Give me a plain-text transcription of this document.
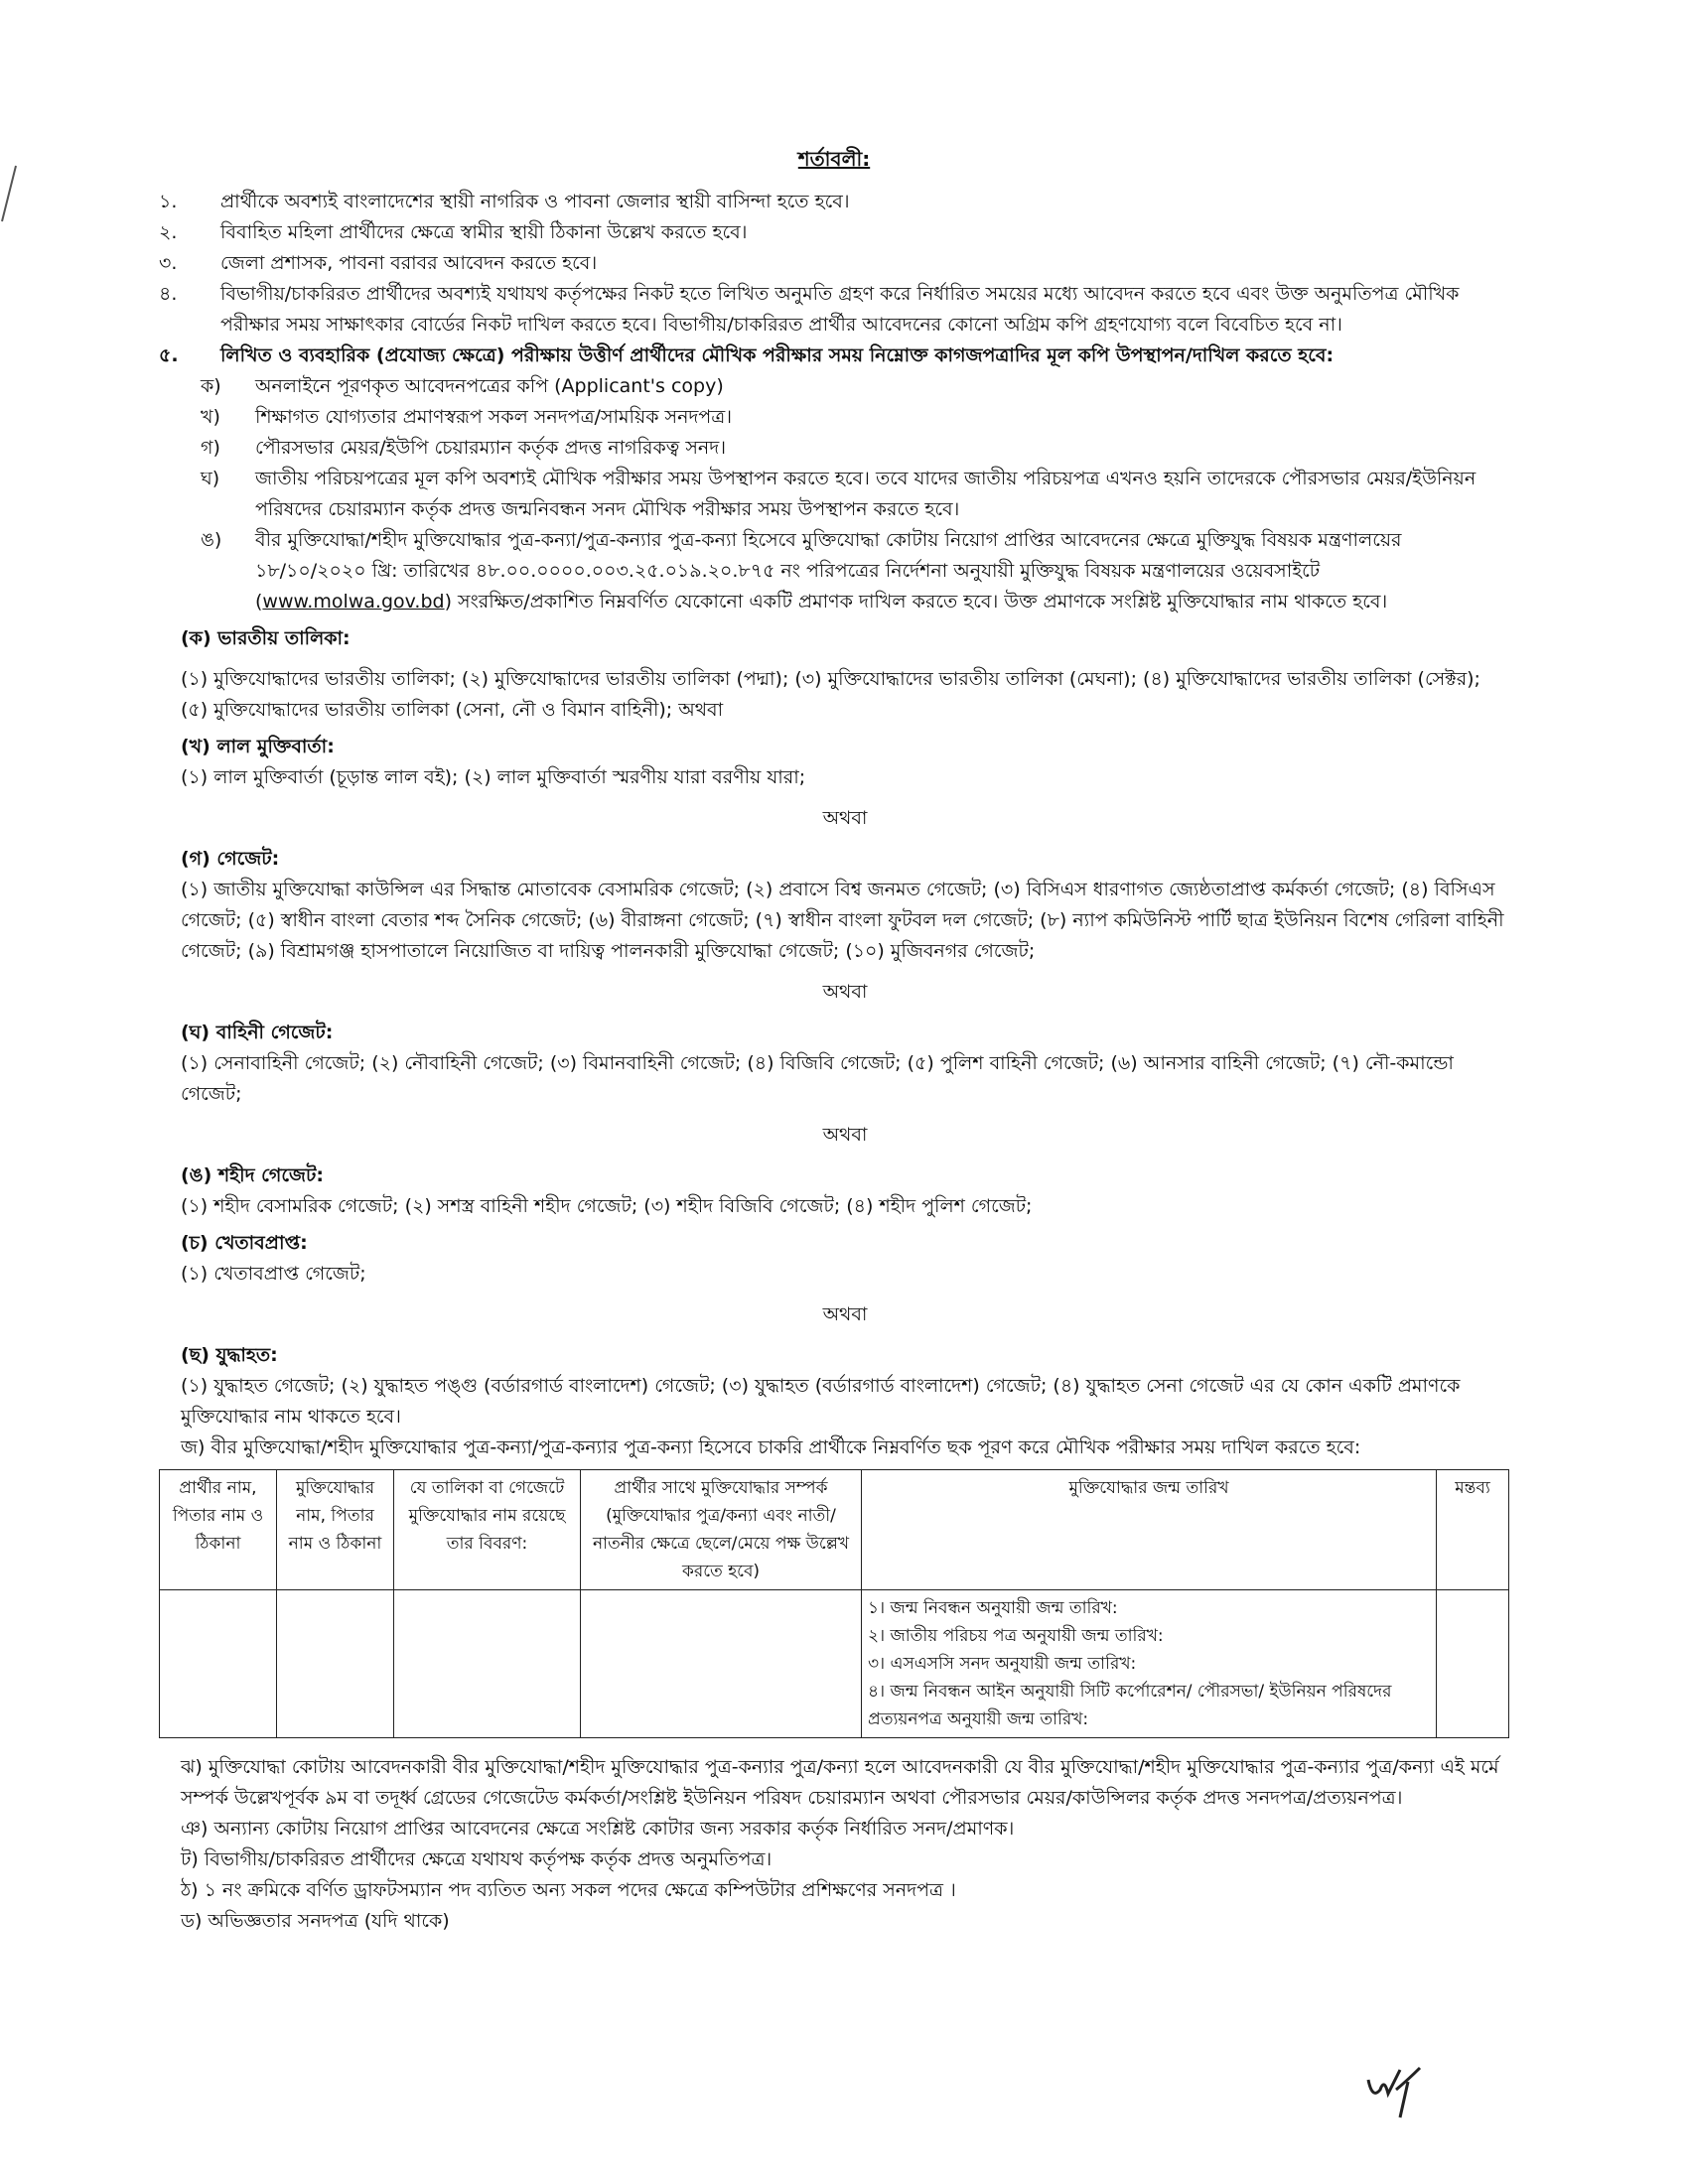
শর্তাবলী:
১.	প্রার্থীকে অবশ্যই বাংলাদেশের স্থায়ী নাগরিক ও পাবনা জেলার স্থায়ী বাসিন্দা হতে হবে।
২.	বিবাহিত মহিলা প্রার্থীদের ক্ষেত্রে স্বামীর স্থায়ী ঠিকানা উল্লেখ করতে হবে।
৩.	জেলা প্রশাসক, পাবনা বরাবর আবেদন করতে হবে।
৪.	বিভাগীয়/চাকরিরত প্রার্থীদের অবশ্যই যথাযথ কর্তৃপক্ষের নিকট হতে লিখিত অনুমতি গ্রহণ করে নির্ধারিত সময়ের মধ্যে আবেদন করতে হবে এবং উক্ত অনুমতিপত্র মৌখিক পরীক্ষার সময় সাক্ষাৎকার বোর্ডের নিকট দাখিল করতে হবে। বিভাগীয়/চাকরিরত প্রার্থীর আবেদনের কোনো অগ্রিম কপি গ্রহণযোগ্য বলে বিবেচিত হবে না।
৫.	লিখিত ও ব্যবহারিক (প্রযোজ্য ক্ষেত্রে) পরীক্ষায় উত্তীর্ণ প্রার্থীদের মৌখিক পরীক্ষার সময় নিম্নোক্ত কাগজপত্রাদির মূল কপি উপস্থাপন/দাখিল করতে হবে:
ক)	অনলাইনে পূরণকৃত আবেদনপত্রের কপি (Applicant's copy)
খ)	শিক্ষাগত যোগ্যতার প্রমাণস্বরূপ সকল সনদপত্র/সাময়িক সনদপত্র।
গ)	পৌরসভার মেয়র/ইউপি চেয়ারম্যান কর্তৃক প্রদত্ত নাগরিকত্ব সনদ।
ঘ)	জাতীয় পরিচয়পত্রের মূল কপি অবশ্যই মৌখিক পরীক্ষার সময় উপস্থাপন করতে হবে। তবে যাদের জাতীয় পরিচয়পত্র এখনও হয়নি তাদেরকে পৌরসভার মেয়র/ইউনিয়ন পরিষদের চেয়ারম্যান কর্তৃক প্রদত্ত জন্মনিবন্ধন সনদ মৌখিক পরীক্ষার সময় উপস্থাপন করতে হবে।
ঙ)	বীর মুক্তিযোদ্ধা/শহীদ মুক্তিযোদ্ধার পুত্র-কন্যা/পুত্র-কন্যার পুত্র-কন্যা হিসেবে মুক্তিযোদ্ধা কোটায় নিয়োগ প্রাপ্তির আবেদনের ক্ষেত্রে মুক্তিযুদ্ধ বিষয়ক মন্ত্রণালয়ের ১৮/১০/২০২০ খ্রি: তারিখের ৪৮.০০.০০০০.০০৩.২৫.০১৯.২০.৮৭৫ নং পরিপত্রের নির্দেশনা অনুযায়ী মুক্তিযুদ্ধ বিষয়ক মন্ত্রণালয়ের ওয়েবসাইটে (www.molwa.gov.bd) সংরক্ষিত/প্রকাশিত নিম্নবর্ণিত যেকোনো একটি প্রমাণক দাখিল করতে হবে। উক্ত প্রমাণকে সংশ্লিষ্ট মুক্তিযোদ্ধার নাম থাকতে হবে।
(ক) ভারতীয় তালিকা:
(১) মুক্তিযোদ্ধাদের ভারতীয় তালিকা; (২) মুক্তিযোদ্ধাদের ভারতীয় তালিকা (পদ্মা); (৩) মুক্তিযোদ্ধাদের ভারতীয় তালিকা (মেঘনা); (৪) মুক্তিযোদ্ধাদের ভারতীয় তালিকা (সেক্টর); (৫) মুক্তিযোদ্ধাদের ভারতীয় তালিকা (সেনা, নৌ ও বিমান বাহিনী); অথবা
(খ) লাল মুক্তিবার্তা:
(১) লাল মুক্তিবার্তা (চূড়ান্ত লাল বই); (২) লাল মুক্তিবার্তা স্মরণীয় যারা বরণীয় যারা;
অথবা
(গ) গেজেট:
(১) জাতীয় মুক্তিযোদ্ধা কাউন্সিল এর সিদ্ধান্ত মোতাবেক বেসামরিক গেজেট; (২) প্রবাসে বিশ্ব জনমত গেজেট; (৩) বিসিএস ধারণাগত জ্যেষ্ঠতাপ্রাপ্ত কর্মকর্তা গেজেট; (৪) বিসিএস গেজেট; (৫) স্বাধীন বাংলা বেতার শব্দ সৈনিক গেজেট; (৬) বীরাঙ্গনা গেজেট; (৭) স্বাধীন বাংলা ফুটবল দল গেজেট; (৮) ন্যাপ কমিউনিস্ট পার্টি ছাত্র ইউনিয়ন বিশেষ গেরিলা বাহিনী গেজেট; (৯) বিশ্রামগঞ্জ হাসপাতালে নিয়োজিত বা দায়িত্ব পালনকারী মুক্তিযোদ্ধা গেজেট; (১০) মুজিবনগর গেজেট;
অথবা
(ঘ) বাহিনী গেজেট:
(১) সেনাবাহিনী গেজেট; (২) নৌবাহিনী গেজেট; (৩) বিমানবাহিনী গেজেট; (৪) বিজিবি গেজেট; (৫) পুলিশ বাহিনী গেজেট; (৬) আনসার বাহিনী গেজেট; (৭) নৌ-কমান্ডো গেজেট;
অথবা
(ঙ) শহীদ গেজেট:
(১) শহীদ বেসামরিক গেজেট; (২) সশস্ত্র বাহিনী শহীদ গেজেট; (৩) শহীদ বিজিবি গেজেট; (৪) শহীদ পুলিশ গেজেট;
(চ) খেতাবপ্রাপ্ত:
(১) খেতাবপ্রাপ্ত গেজেট;
অথবা
(ছ) যুদ্ধাহত:
(১) যুদ্ধাহত গেজেট; (২) যুদ্ধাহত পঙ্গু (বর্ডারগার্ড বাংলাদেশ) গেজেট; (৩) যুদ্ধাহত (বর্ডারগার্ড বাংলাদেশ) গেজেট; (৪) যুদ্ধাহত সেনা গেজেট এর যে কোন একটি প্রমাণকে মুক্তিযোদ্ধার নাম থাকতে হবে।
জ) বীর মুক্তিযোদ্ধা/শহীদ মুক্তিযোদ্ধার পুত্র-কন্যা/পুত্র-কন্যার পুত্র-কন্যা হিসেবে চাকরি প্রার্থীকে নিম্নবর্ণিত ছক পূরণ করে মৌখিক পরীক্ষার সময় দাখিল করতে হবে:
প্রার্থীর নাম, পিতার নাম ও ঠিকানা	মুক্তিযোদ্ধার নাম, পিতার নাম ও ঠিকানা	যে তালিকা বা গেজেটে মুক্তিযোদ্ধার নাম রয়েছে তার বিবরণ:	প্রার্থীর সাথে মুক্তিযোদ্ধার সম্পর্ক (মুক্তিযোদ্ধার পুত্র/কন্যা এবং নাতী/নাতনীর ক্ষেত্রে ছেলে/মেয়ে পক্ষ উল্লেখ করতে হবে)	মুক্তিযোদ্ধার জন্ম তারিখ	মন্তব্য

				১। জন্ম নিবন্ধন অনুযায়ী জন্ম তারিখ:
২। জাতীয় পরিচয় পত্র অনুযায়ী জন্ম তারিখ:
৩। এসএসসি সনদ অনুযায়ী জন্ম তারিখ:
৪। জন্ম নিবন্ধন আইন অনুযায়ী সিটি কর্পোরেশন/ পৌরসভা/ ইউনিয়ন পরিষদের প্রত্যয়নপত্র অনুযায়ী জন্ম তারিখ:	

ঝ) মুক্তিযোদ্ধা কোটায় আবেদনকারী বীর মুক্তিযোদ্ধা/শহীদ মুক্তিযোদ্ধার পুত্র-কন্যার পুত্র/কন্যা হলে আবেদনকারী যে বীর মুক্তিযোদ্ধা/শহীদ মুক্তিযোদ্ধার পুত্র-কন্যার পুত্র/কন্যা এই মর্মে সম্পর্ক উল্লেখপূর্বক ৯ম বা তদূর্ধ্ব গ্রেডের গেজেটেড কর্মকর্তা/সংশ্লিষ্ট ইউনিয়ন পরিষদ চেয়ারম্যান অথবা পৌরসভার মেয়র/কাউন্সিলর কর্তৃক প্রদত্ত সনদপত্র/প্রত্যয়নপত্র।
ঞ) অন্যান্য কোটায় নিয়োগ প্রাপ্তির আবেদনের ক্ষেত্রে সংশ্লিষ্ট কোটার জন্য সরকার কর্তৃক নির্ধারিত সনদ/প্রমাণক।
ট) বিভাগীয়/চাকরিরত প্রার্থীদের ক্ষেত্রে যথাযথ কর্তৃপক্ষ কর্তৃক প্রদত্ত অনুমতিপত্র।
ঠ) ১ নং ক্রমিকে বর্ণিত ড্রাফটসম্যান পদ ব্যতিত অন্য সকল পদের ক্ষেত্রে কম্পিউটার প্রশিক্ষণের সনদপত্র ।
ড) অভিজ্ঞতার সনদপত্র (যদি থাকে)
